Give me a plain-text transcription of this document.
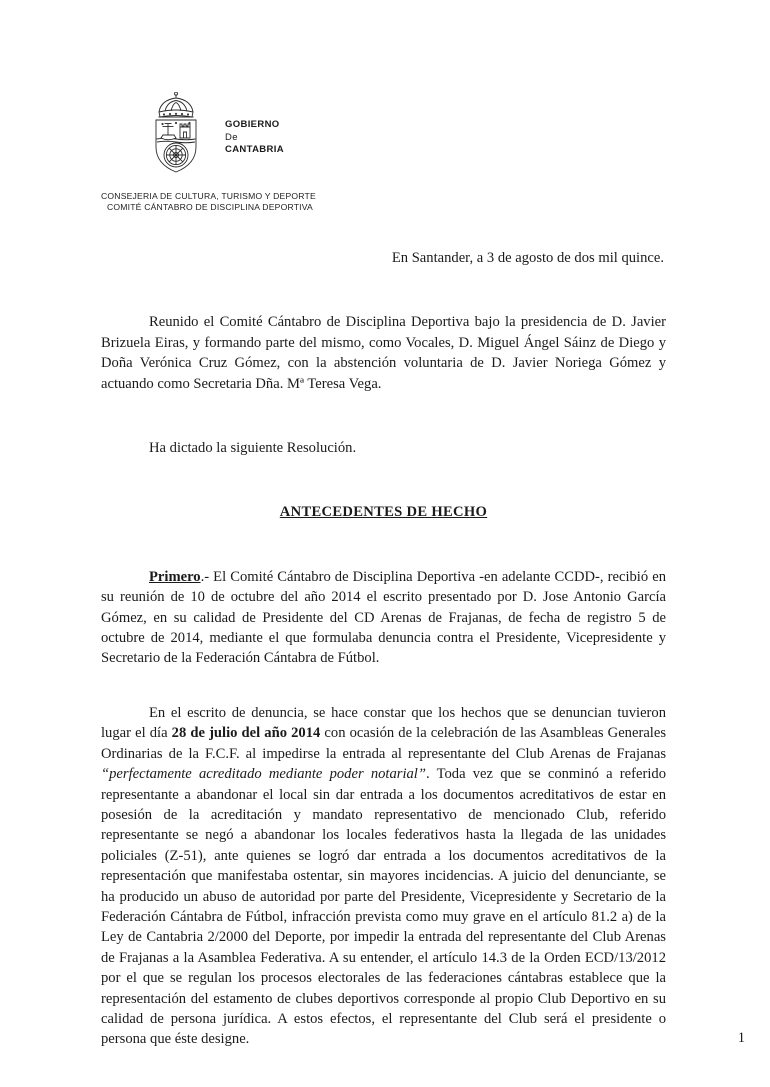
GOBIERNO
De
CANTABRIA
CONSEJERIA DE CULTURA, TURISMO Y DEPORTE
COMITÉ CÁNTABRO DE DISCIPLINA DEPORTIVA

En Santander, a 3 de agosto de dos mil quince.

Reunido el Comité Cántabro de Disciplina Deportiva bajo la presidencia de D. Javier Brizuela Eiras, y formando parte del mismo, como Vocales, D. Miguel Ángel Sáinz de Diego y Doña Verónica Cruz Gómez, con la abstención voluntaria de D. Javier Noriega Gómez y actuando como Secretaria Dña. Mª Teresa Vega.

Ha dictado la siguiente Resolución.

ANTECEDENTES DE HECHO

Primero.- El Comité Cántabro de Disciplina Deportiva -en adelante CCDD-, recibió en su reunión de 10 de octubre del año 2014 el escrito presentado por D. Jose Antonio García Gómez, en su calidad de Presidente del CD Arenas de Frajanas, de fecha de registro 5 de octubre de 2014, mediante el que formulaba denuncia contra el Presidente, Vicepresidente y Secretario de la Federación Cántabra de Fútbol.

En el escrito de denuncia, se hace constar que los hechos que se denuncian tuvieron lugar el día 28 de julio del año 2014 con ocasión de la celebración de las Asambleas Generales Ordinarias de la F.C.F. al impedirse la entrada al representante del Club Arenas de Frajanas “perfectamente acreditado mediante poder notarial”. Toda vez que se conminó a referido representante a abandonar el local sin dar entrada a los documentos acreditativos de estar en posesión de la acreditación y mandato representativo de mencionado Club, referido representante se negó a abandonar los locales federativos hasta la llegada de las unidades policiales (Z-51), ante quienes se logró dar entrada a los documentos acreditativos de la representación que manifestaba ostentar, sin mayores incidencias. A juicio del denunciante, se ha producido un abuso de autoridad por parte del Presidente, Vicepresidente y Secretario de la Federación Cántabra de Fútbol, infracción prevista como muy grave en el artículo 81.2 a) de la Ley de Cantabria 2/2000 del Deporte, por impedir la entrada del representante del Club Arenas de Frajanas a la Asamblea Federativa. A su entender, el artículo 14.3 de la Orden ECD/13/2012 por el que se regulan los procesos electorales de las federaciones cántabras establece que la representación del estamento de clubes deportivos corresponde al propio Club Deportivo en su calidad de persona jurídica. A estos efectos, el representante del Club será el presidente o persona que éste designe.	1
